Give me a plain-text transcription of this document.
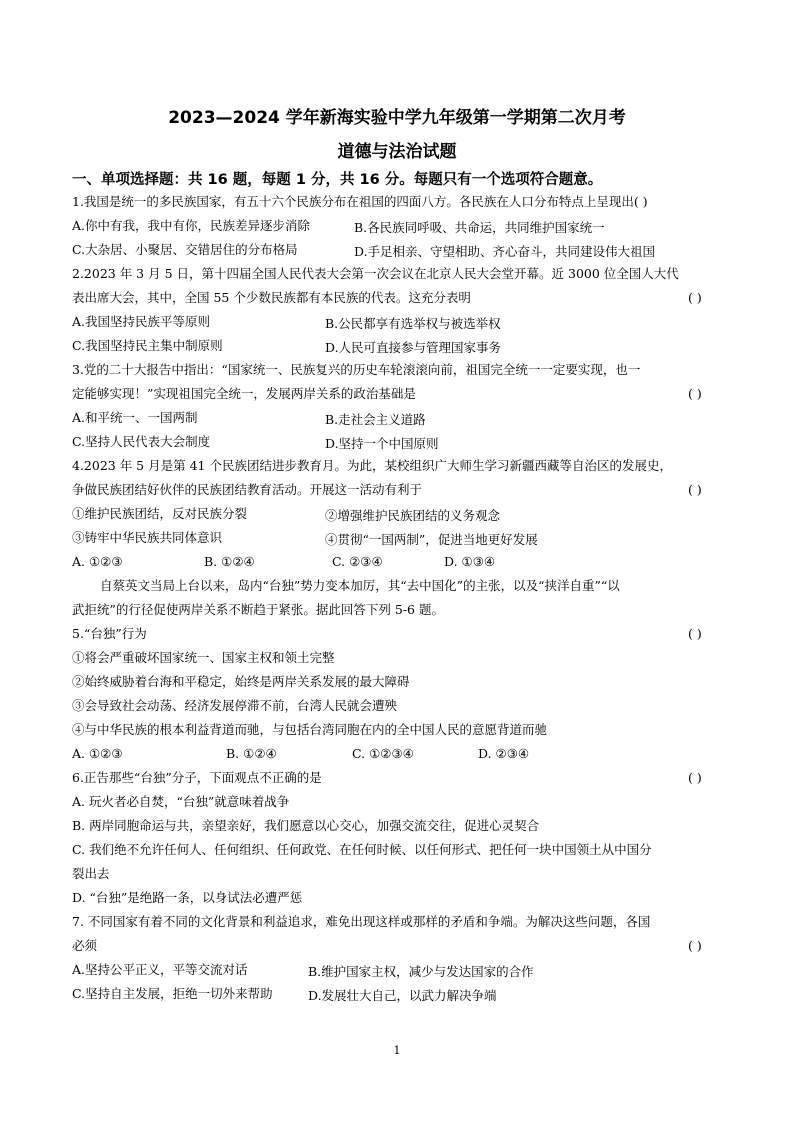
2023—2024 学年新海实验中学九年级第一学期第二次月考
道德与法治试题
一、单项选择题：共 16 题，每题 1 分，共 16 分。每题只有一个选项符合题意。
1.我国是统一的多民族国家，有五十六个民族分布在祖国的四面八方。各民族在人口分布特点上呈现出( )
A.你中有我，我中有你，民族差异逐步消除	B.各民族同呼吸、共命运，共同维护国家统一
C.大杂居、小聚居、交错居住的分布格局	D.手足相亲、守望相助、齐心奋斗，共同建设伟大祖国
2.2023 年 3 月 5 日，第十四届全国人民代表大会第一次会议在北京人民大会堂开幕。近 3000 位全国人大代
表出席大会，其中，全国 55 个少数民族都有本民族的代表。这充分表明	( )
A.我国坚持民族平等原则	B.公民都享有选举权与被选举权
C.我国坚持民主集中制原则	D.人民可直接参与管理国家事务
3.党的二十大报告中指出：“国家统一、民族复兴的历史车轮滚滚向前，祖国完全统一一定要实现，也一
定能够实现！”实现祖国完全统一，发展两岸关系的政治基础是	( )
A.和平统一、一国两制	B.走社会主义道路
C.坚持人民代表大会制度	D.坚持一个中国原则
4.2023 年 5 月是第 41 个民族团结进步教育月。为此，某校组织广大师生学习新疆西藏等自治区的发展史，
争做民族团结好伙伴的民族团结教育活动。开展这一活动有利于	( )
①维护民族团结，反对民族分裂	②增强维护民族团结的义务观念
③铸牢中华民族共同体意识	④贯彻“一国两制”，促进当地更好发展
A. ①②③	B. ①②④	C. ②③④	D. ①③④
自蔡英文当局上台以来，岛内“台独”势力变本加厉，其“去中国化”的主张，以及“挟洋自重”“以
武拒统”的行径促使两岸关系不断趋于紧张。据此回答下列 5-6 题。
5.“台独”行为	( )
①将会严重破坏国家统一、国家主权和领土完整
②始终威胁着台海和平稳定，始终是两岸关系发展的最大障碍
③会导致社会动荡、经济发展停滞不前，台湾人民就会遭殃
④与中华民族的根本利益背道而驰，与包括台湾同胞在内的全中国人民的意愿背道而驰
A. ①②③	B. ①②④	C. ①②③④	D. ②③④
6.正告那些“台独”分子，下面观点不正确的是	( )
A. 玩火者必自焚，“台独”就意味着战争
B. 两岸同胞命运与共，亲望亲好，我们愿意以心交心，加强交流交往，促进心灵契合
C. 我们绝不允许任何人、任何组织、任何政党、在任何时候、以任何形式、把任何一块中国领土从中国分
裂出去
D. “台独”是绝路一条，以身试法必遭严惩
7. 不同国家有着不同的文化背景和利益追求，难免出现这样或那样的矛盾和争端。为解决这些问题，各国
必须	( )
A.坚持公平正义，平等交流对话	B.维护国家主权，减少与发达国家的合作
C.坚持自主发展，拒绝一切外来帮助	D.发展壮大自己，以武力解决争端
1
